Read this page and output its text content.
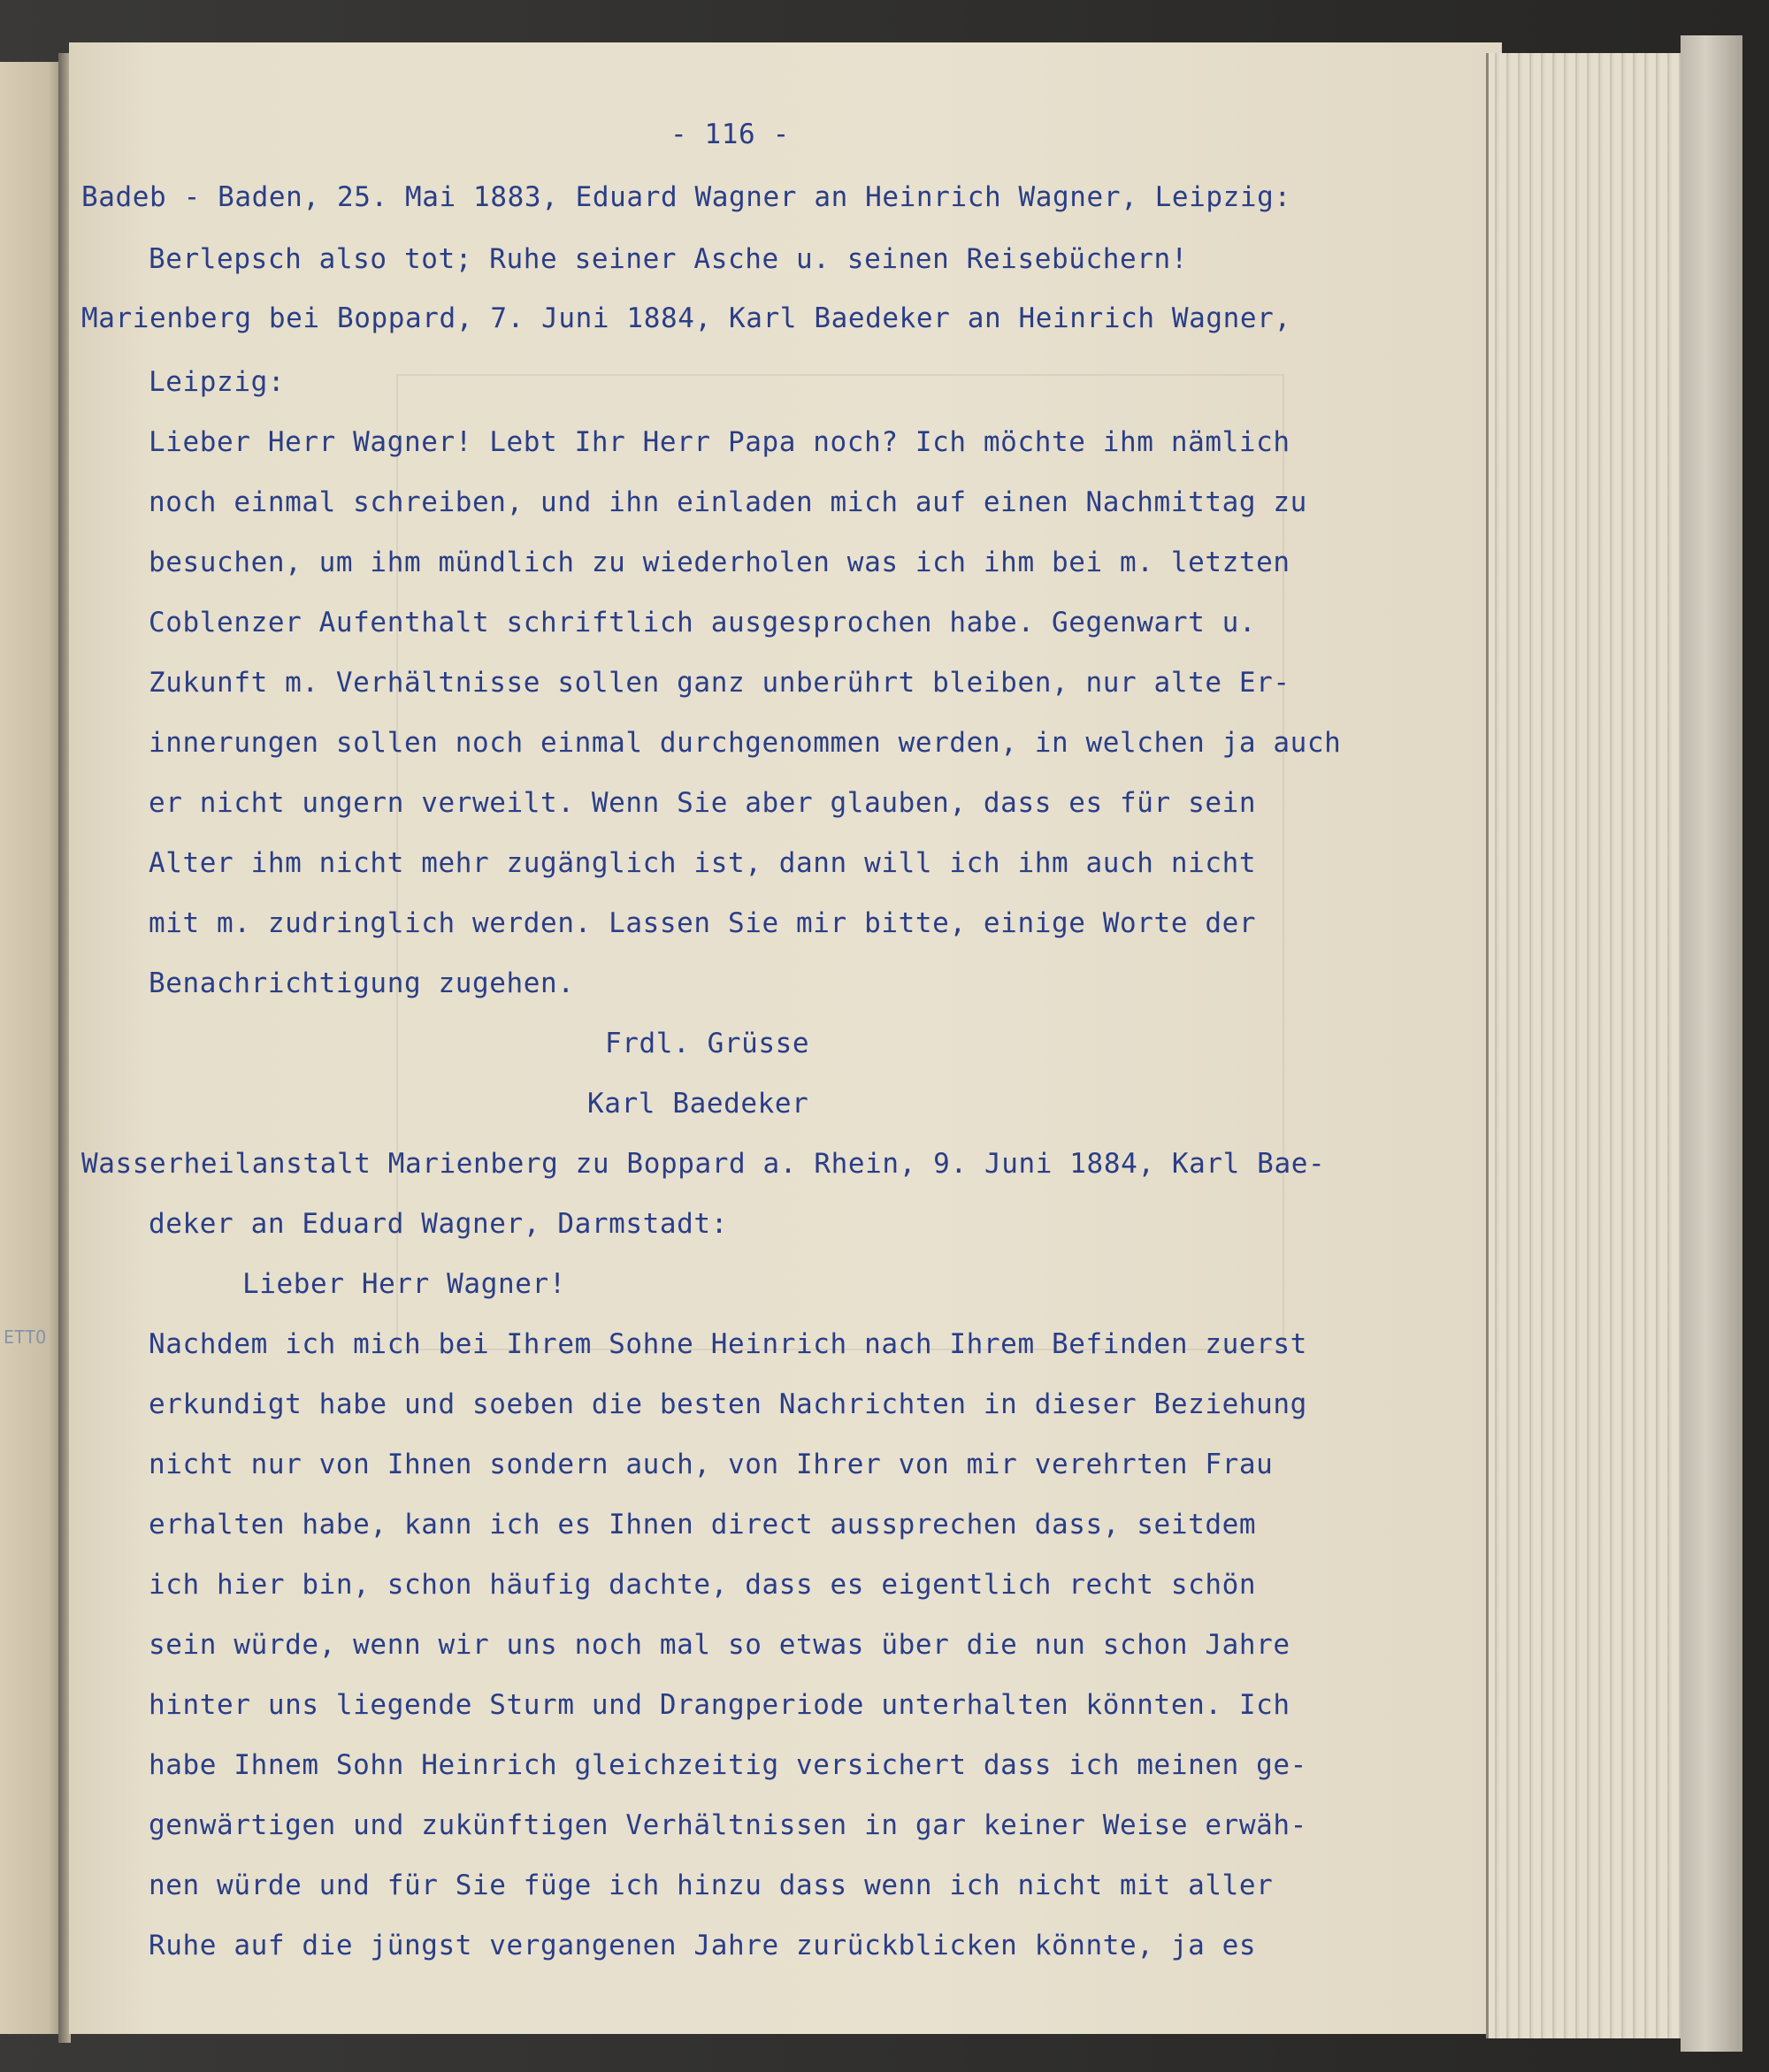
ETTO

- 116 -

Badeb - Baden, 25. Mai 1883, Eduard Wagner an Heinrich Wagner, Leipzig:

Berlepsch also tot; Ruhe seiner Asche u. seinen Reisebüchern!

Marienberg bei Boppard, 7. Juni 1884, Karl Baedeker an Heinrich Wagner,

Leipzig:

Lieber Herr Wagner! Lebt Ihr Herr Papa noch? Ich möchte ihm nämlich

noch einmal schreiben, und ihn einladen mich auf einen Nachmittag zu

besuchen, um ihm mündlich zu wiederholen was ich ihm bei m. letzten

Coblenzer Aufenthalt schriftlich ausgesprochen habe. Gegenwart u.

Zukunft m. Verhältnisse sollen ganz unberührt bleiben, nur alte Er-

innerungen sollen noch einmal durchgenommen werden, in welchen ja auch

er nicht ungern verweilt. Wenn Sie aber glauben, dass es für sein

Alter ihm nicht mehr zugänglich ist, dann will ich ihm auch nicht

mit m. zudringlich werden. Lassen Sie mir bitte, einige Worte der

Benachrichtigung zugehen.

Frdl. Grüsse

Karl Baedeker

Wasserheilanstalt Marienberg zu Boppard a. Rhein, 9. Juni 1884, Karl Bae-

deker an Eduard Wagner, Darmstadt:

Lieber Herr Wagner!

Nachdem ich mich bei Ihrem Sohne Heinrich nach Ihrem Befinden zuerst

erkundigt habe und soeben die besten Nachrichten in dieser Beziehung

nicht nur von Ihnen sondern auch, von Ihrer von mir verehrten Frau

erhalten habe, kann ich es Ihnen direct aussprechen dass, seitdem

ich hier bin, schon häufig dachte, dass es eigentlich recht schön

sein würde, wenn wir uns noch mal so etwas über die nun schon Jahre

hinter uns liegende Sturm und Drangperiode unterhalten könnten. Ich

habe Ihnem Sohn Heinrich gleichzeitig versichert dass ich meinen ge-

genwärtigen und zukünftigen Verhältnissen in gar keiner Weise erwäh-

nen würde und für Sie füge ich hinzu dass wenn ich nicht mit aller

Ruhe auf die jüngst vergangenen Jahre zurückblicken könnte, ja es
